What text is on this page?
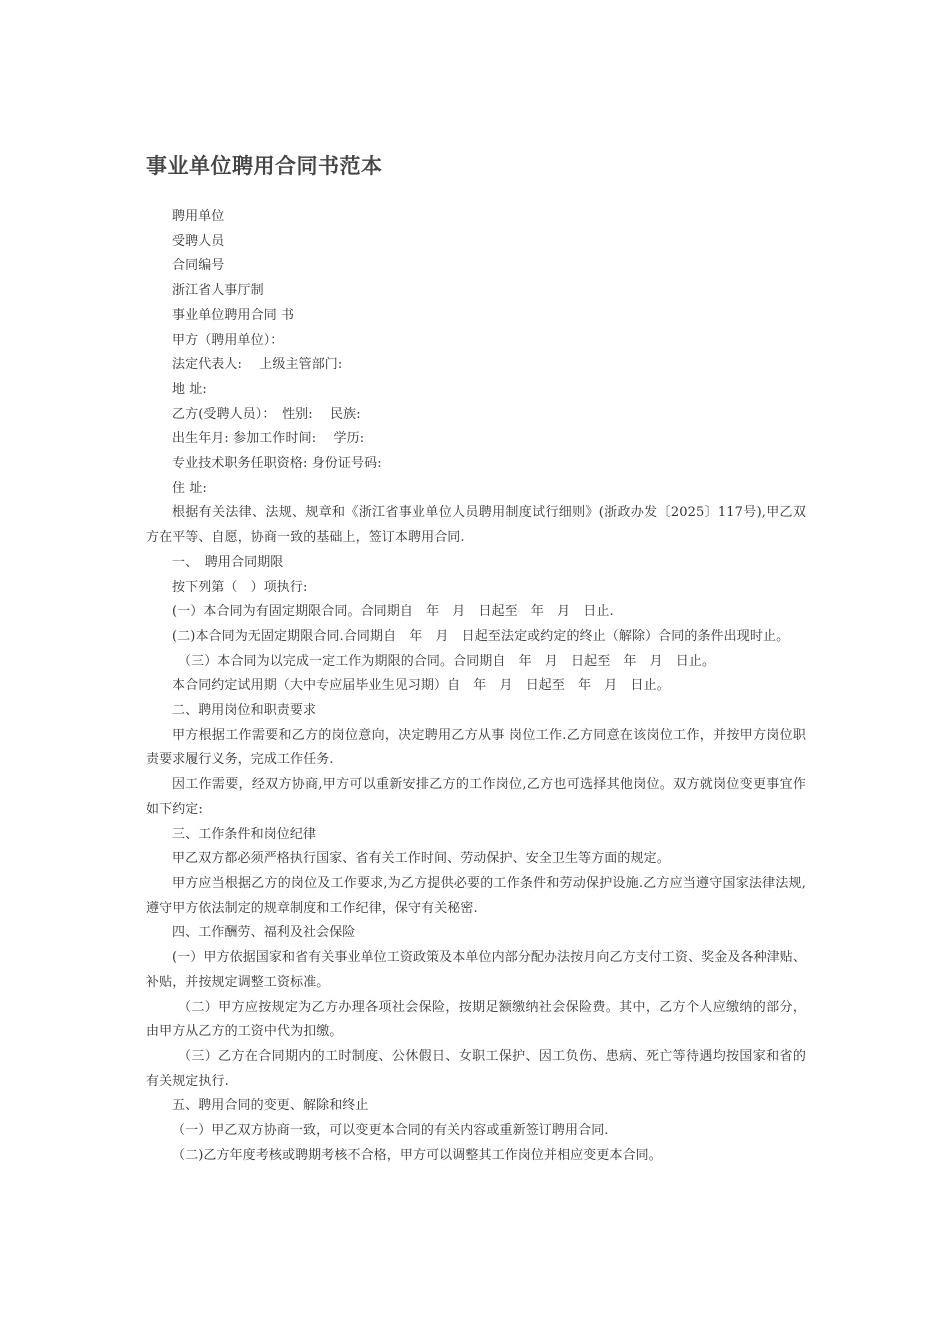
事业单位聘用合同书范本
聘用单位
受聘人员
合同编号
浙江省人事厅制
事业单位聘用合同 书
甲方（聘用单位）：
法定代表人:　 上级主管部门:
地 址:
乙方(受聘人员）：　性别:　 民族:
出生年月: 参加工作时间:　 学历:
专业技术职务任职资格: 身份证号码:
住 址:
根据有关法律、法规、规章和《浙江省事业单位人员聘用制度试行细则》(浙政办发〔2025〕117号),甲乙双方在平等、自愿，协商一致的基础上，签订本聘用合同.
一、　聘用合同期限
按下列第（　）项执行:
(一）本合同为有固定期限合同。合同期自　年　月　日起至　年　月　日止.
(二)本合同为无固定期限合同.合同期自　年　月　日起至法定或约定的终止（解除）合同的条件出现时止。
（三）本合同为以完成一定工作为期限的合同。合同期自　年　月　日起至　年　月　日止。
本合同约定试用期（大中专应届毕业生见习期）自　年　月　日起至　年　月　日止。
二、聘用岗位和职责要求
甲方根据工作需要和乙方的岗位意向，决定聘用乙方从事 岗位工作.乙方同意在该岗位工作，并按甲方岗位职责要求履行义务，完成工作任务.
因工作需要，经双方协商,甲方可以重新安排乙方的工作岗位,乙方也可选择其他岗位。双方就岗位变更事宜作如下约定:
三、工作条件和岗位纪律
甲乙双方都必须严格执行国家、省有关工作时间、劳动保护、安全卫生等方面的规定。
甲方应当根据乙方的岗位及工作要求,为乙方提供必要的工作条件和劳动保护设施.乙方应当遵守国家法律法规,遵守甲方依法制定的规章制度和工作纪律，保守有关秘密.
四、工作酬劳、福利及社会保险
(一）甲方依据国家和省有关事业单位工资政策及本单位内部分配办法按月向乙方支付工资、奖金及各种津贴、补贴，并按规定调整工资标准。
（二）甲方应按规定为乙方办理各项社会保险，按期足额缴纳社会保险费。其中，乙方个人应缴纳的部分，由甲方从乙方的工资中代为扣缴。
（三）乙方在合同期内的工时制度、公休假日、女职工保护、因工负伤、患病、死亡等待遇均按国家和省的有关规定执行.
五、聘用合同的变更、解除和终止
（一）甲乙双方协商一致，可以变更本合同的有关内容或重新签订聘用合同.
（二)乙方年度考核或聘期考核不合格，甲方可以调整其工作岗位并相应变更本合同。
